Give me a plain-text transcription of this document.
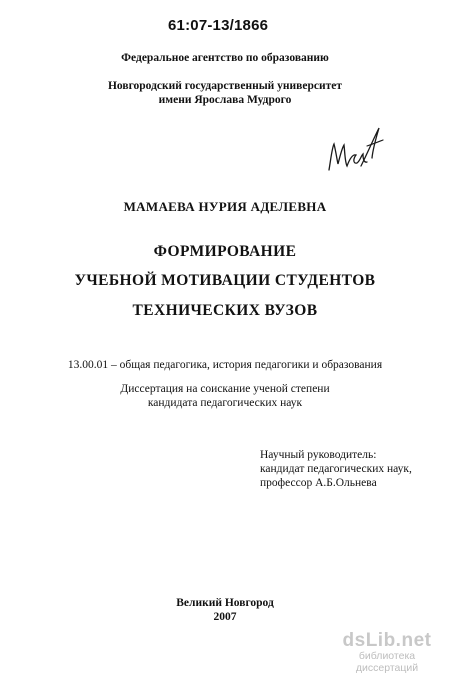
61:07-13/1866
Федеральное агентство по образованию
Новгородский государственный университет
имени Ярослава Мудрого
МАМАЕВА НУРИЯ АДЕЛЕВНА
ФОРМИРОВАНИЕ
УЧЕБНОЙ МОТИВАЦИИ СТУДЕНТОВ
ТЕХНИЧЕСКИХ ВУЗОВ
13.00.01 – общая педагогика, история педагогики и образования
Диссертация на соискание ученой степени
кандидата педагогических наук
Научный руководитель:
кандидат педагогических наук,
профессор А.Б.Ольнева
Великий Новгород
2007
dsLib.net
библиотека диссертаций
